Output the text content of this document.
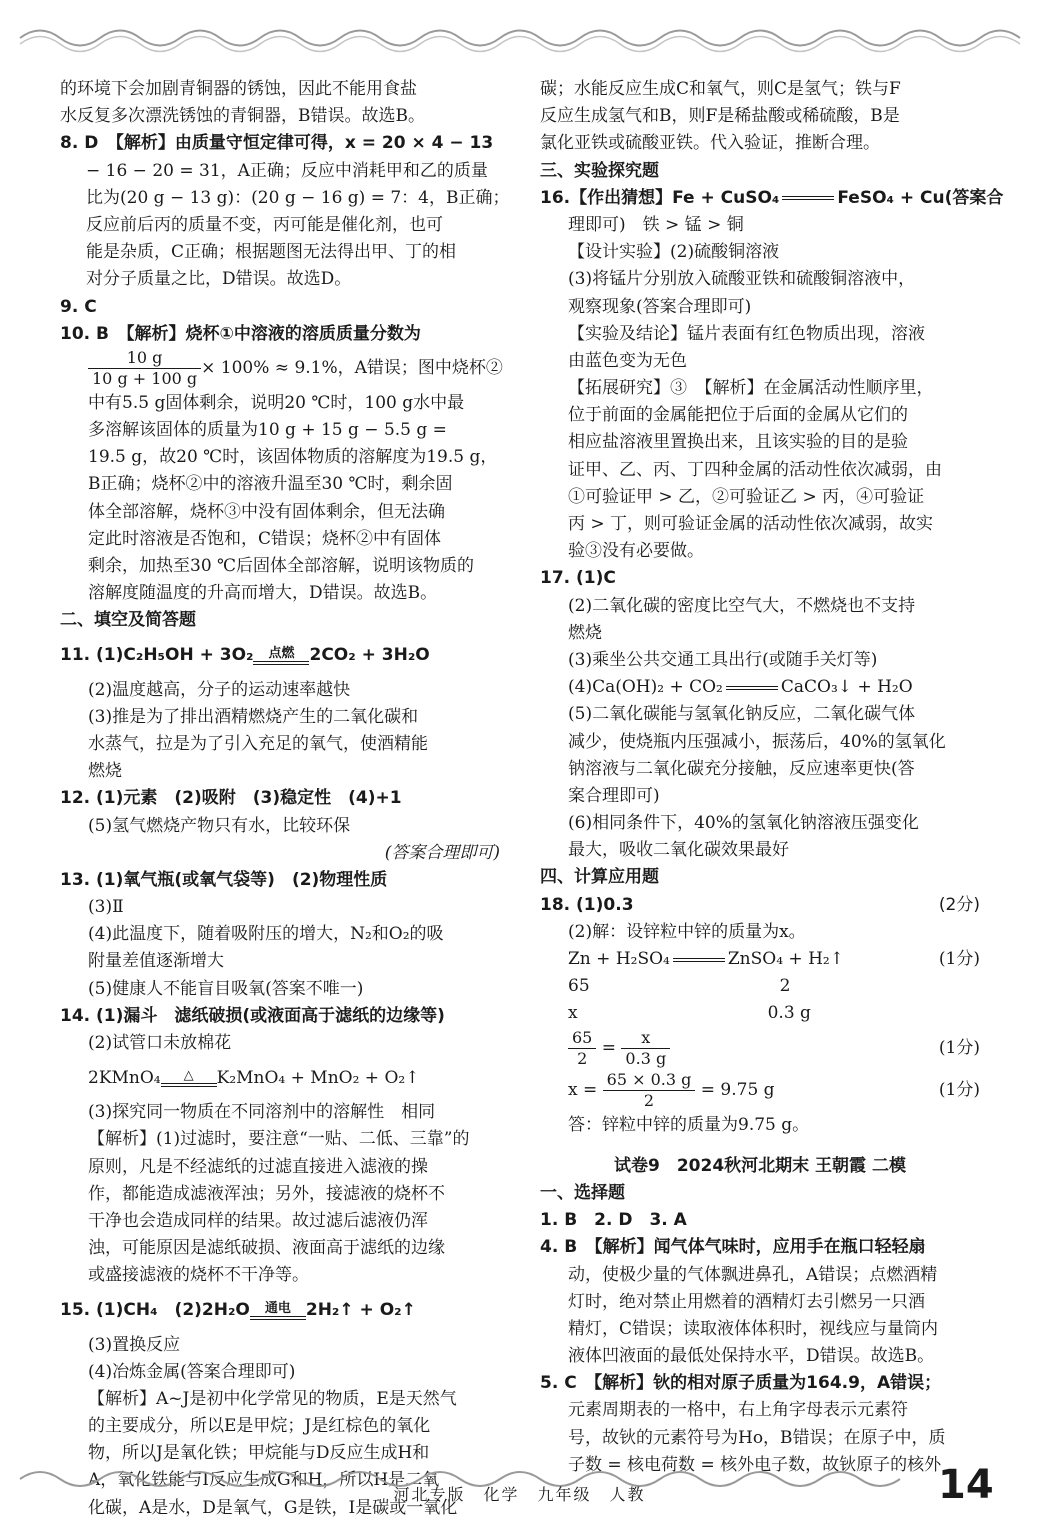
的环境下会加剧青铜器的锈蚀，因此不能用食盐
水反复多次漂洗锈蚀的青铜器，B错误。故选B。
8. D　【解析】由质量守恒定律可得，x = 20 × 4 − 13
− 16 − 20 = 31，A正确；反应中消耗甲和乙的质量
比为(20 g − 13 g)：(20 g − 16 g) = 7：4，B正确；
反应前后丙的质量不变，丙可能是催化剂，也可
能是杂质，C正确；根据题图无法得出甲、丁的相
对分子质量之比，D错误。故选D。
9. C
10. B　【解析】烧杯①中溶液的溶质质量分数为
$\frac{10 g}{10 g + 100 g} \times 100\% \approx 9.1\%$，A错误；图中烧杯②
中有5.5 g固体剩余，说明20 ℃时，100 g水中最
多溶解该固体的质量为10 g + 15 g − 5.5 g =
19.5 g，故20 ℃时，该固体物质的溶解度为19.5 g，
B正确；烧杯②中的溶液升温至30 ℃时，剩余固
体全部溶解，烧杯③中没有固体剩余，但无法确
定此时溶液是否饱和，C错误；烧杯②中有固体
剩余，加热至30 ℃后固体全部溶解，说明该物质的
溶解度随温度的升高而增大，D错误。故选B。
二、填空及简答题
11. (1)C₂H₅OH + 3O₂	点燃 2CO₂ + 3H₂O
(2)温度越高，分子的运动速率越快
(3)推是为了排出酒精燃烧产生的二氧化碳和
水蒸气，拉是为了引入充足的氧气，使酒精能
燃烧
12. (1)元素　(2)吸附　(3)稳定性　(4)+1
(5)氢气燃烧产物只有水，比较环保
(答案合理即可)
13. (1)氧气瓶(或氧气袋等)　(2)物理性质
(3)Ⅱ
(4)此温度下，随着吸附压的增大，N₂和O₂的吸
附量差值逐渐增大
(5)健康人不能盲目吸氧(答案不唯一)
14. (1)漏斗　滤纸破损(或液面高于滤纸的边缘等)
(2)试管口未放棉花
2KMnO₄	△	K₂MnO₄ + MnO₂ + O₂↑
(3)探究同一物质在不同溶剂中的溶解性　相同
【解析】(1)过滤时，要注意“一贴、二低、三靠”的
原则，凡是不经滤纸的过滤直接进入滤液的操
作，都能造成滤液浑浊；另外，接滤液的烧杯不
干净也会造成同样的结果。故过滤后滤液仍浑
浊，可能原因是滤纸破损、液面高于滤纸的边缘
或盛接滤液的烧杯不干净等。
15. (1)CH₄　(2)2H₂O	通电 2H₂↑ + O₂↑
(3)置换反应
(4)冶炼金属(答案合理即可)
【解析】A~J是初中化学常见的物质，E是天然气
的主要成分，所以E是甲烷；J是红棕色的氧化
物，所以J是氧化铁；甲烷能与D反应生成H和
A，氧化铁能与I反应生成G和H，所以H是二氧
化碳，A是水，D是氧气，G是铁，I是碳或一氧化
碳；水能反应生成C和氧气，则C是氢气；铁与F
反应生成氢气和B，则F是稀盐酸或稀硫酸，B是
氯化亚铁或硫酸亚铁。代入验证，推断合理。
三、实验探究题
16.【作出猜想】Fe + CuSO₄	FeSO₄ + Cu(答案合
理即可)　铁 > 锰 > 铜
【设计实验】(2)硫酸铜溶液
(3)将锰片分别放入硫酸亚铁和硫酸铜溶液中，
观察现象(答案合理即可)
【实验及结论】锰片表面有红色物质出现，溶液
由蓝色变为无色
【拓展研究】③　【解析】在金属活动性顺序里，
位于前面的金属能把位于后面的金属从它们的
相应盐溶液里置换出来，且该实验的目的是验
证甲、乙、丙、丁四种金属的活动性依次减弱，由
①可验证甲 > 乙，②可验证乙 > 丙，④可验证
丙 > 丁，则可验证金属的活动性依次减弱，故实
验③没有必要做。
17. (1)C
(2)二氧化碳的密度比空气大，不燃烧也不支持
燃烧
(3)乘坐公共交通工具出行(或随手关灯等)
(4)Ca(OH)₂ + CO₂	CaCO₃↓ + H₂O
(5)二氧化碳能与氢氧化钠反应，二氧化碳气体
减少，使烧瓶内压强减小，振荡后，40%的氢氧化
钠溶液与二氧化碳充分接触，反应速率更快(答
案合理即可)
(6)相同条件下，40%的氢氧化钠溶液压强变化
最大，吸收二氧化碳效果最好
四、计算应用题
18. (1)0.3	(2分)
(2)解：设锌粒中锌的质量为x。
Zn + H₂SO₄	ZnSO₄ + H₂↑	(1分)
65	2
x	0.3 g
$\frac{65}{2} = \frac{x}{0.3 g}$	(1分)
$x = \frac{65 \times 0.3 g}{2} = 9.75$ g	(1分)
答：锌粒中锌的质量为9.75 g。
试卷9　2024秋河北期末 王朝霞 二模
一、选择题
1. B　2. D　3. A
4. B　【解析】闻气体气味时，应用手在瓶口轻轻扇
动，使极少量的气体飘进鼻孔，A错误；点燃酒精
灯时，绝对禁止用燃着的酒精灯去引燃另一只酒
精灯，C错误；读取液体体积时，视线应与量筒内
液体凹液面的最低处保持水平，D错误。故选B。
5. C　【解析】钬的相对原子质量为164.9，A错误；
元素周期表的一格中，右上角字母表示元素符
号，故钬的元素符号为Ho，B错误；在原子中，质
子数 = 核电荷数 = 核外电子数，故钬原子的核外
河北专版　化学　九年级　人教	14
